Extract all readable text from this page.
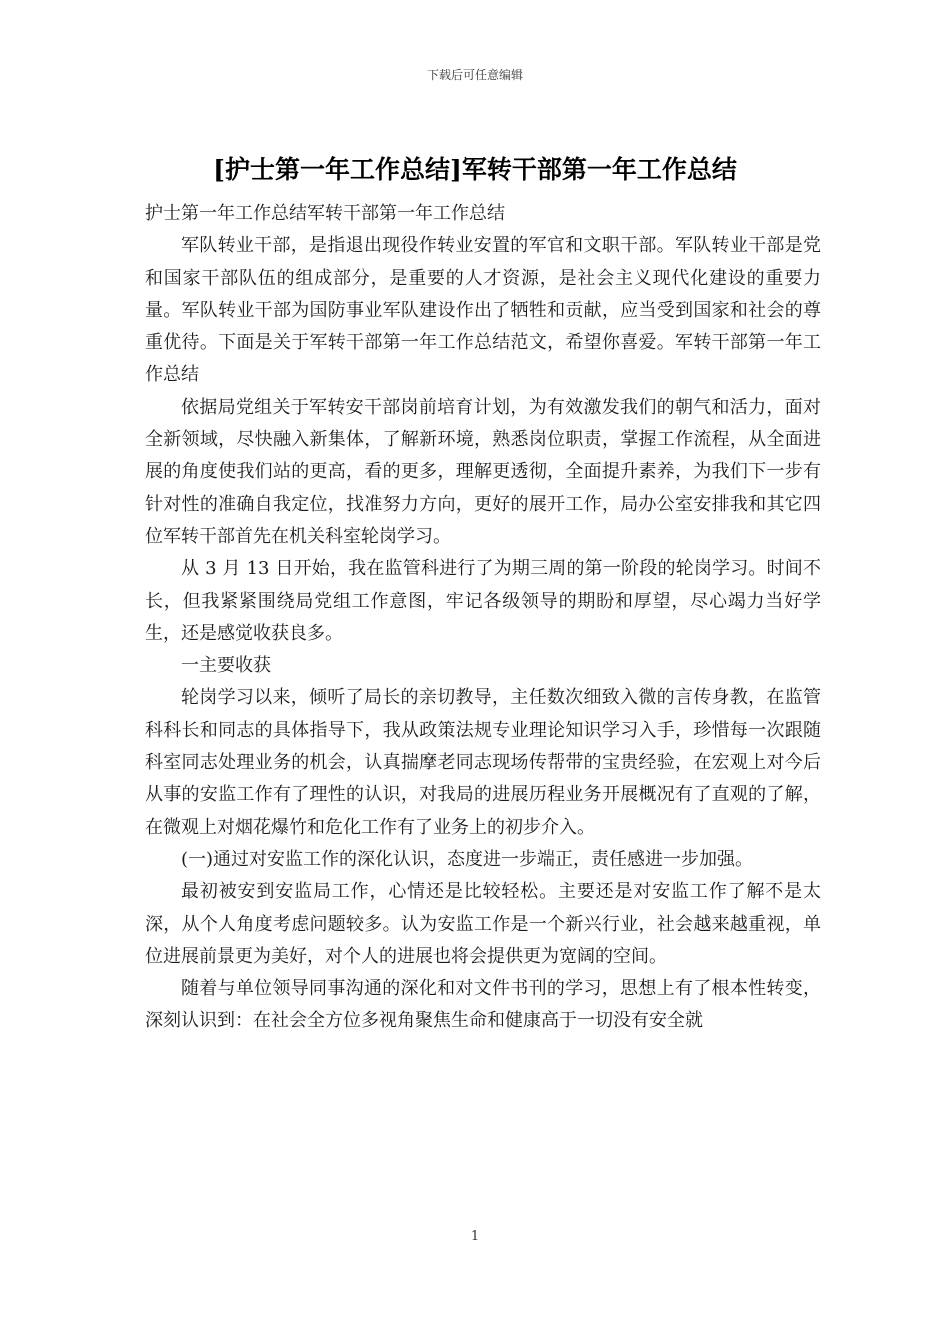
下载后可任意编辑
[护士第一年工作总结]军转干部第一年工作总结

护士第一年工作总结军转干部第一年工作总结

军队转业干部，是指退出现役作转业安置的军官和文职干部。军队转业干部是党和国家干部队伍的组成部分，是重要的人才资源，是社会主义现代化建设的重要力量。军队转业干部为国防事业军队建设作出了牺牲和贡献，应当受到国家和社会的尊重优待。下面是关于军转干部第一年工作总结范文，希望你喜爱。军转干部第一年工作总结

依据局党组关于军转安干部岗前培育计划，为有效激发我们的朝气和活力，面对全新领域，尽快融入新集体，了解新环境，熟悉岗位职责，掌握工作流程，从全面进展的角度使我们站的更高，看的更多，理解更透彻，全面提升素养，为我们下一步有针对性的准确自我定位，找准努力方向，更好的展开工作，局办公室安排我和其它四位军转干部首先在机关科室轮岗学习。

从 3 月 13 日开始，我在监管科进行了为期三周的第一阶段的轮岗学习。时间不长，但我紧紧围绕局党组工作意图，牢记各级领导的期盼和厚望，尽心竭力当好学生，还是感觉收获良多。

一主要收获

轮岗学习以来，倾听了局长的亲切教导，主任数次细致入微的言传身教，在监管科科长和同志的具体指导下，我从政策法规专业理论知识学习入手，珍惜每一次跟随科室同志处理业务的机会，认真揣摩老同志现场传帮带的宝贵经验，在宏观上对今后从事的安监工作有了理性的认识，对我局的进展历程业务开展概况有了直观的了解，在微观上对烟花爆竹和危化工作有了业务上的初步介入。

(一)通过对安监工作的深化认识，态度进一步端正，责任感进一步加强。

最初被安到安监局工作，心情还是比较轻松。主要还是对安监工作了解不是太深，从个人角度考虑问题较多。认为安监工作是一个新兴行业，社会越来越重视，单位进展前景更为美好，对个人的进展也将会提供更为宽阔的空间。

随着与单位领导同事沟通的深化和对文件书刊的学习，思想上有了根本性转变，深刻认识到：在社会全方位多视角聚焦生命和健康高于一切没有安全就

1
